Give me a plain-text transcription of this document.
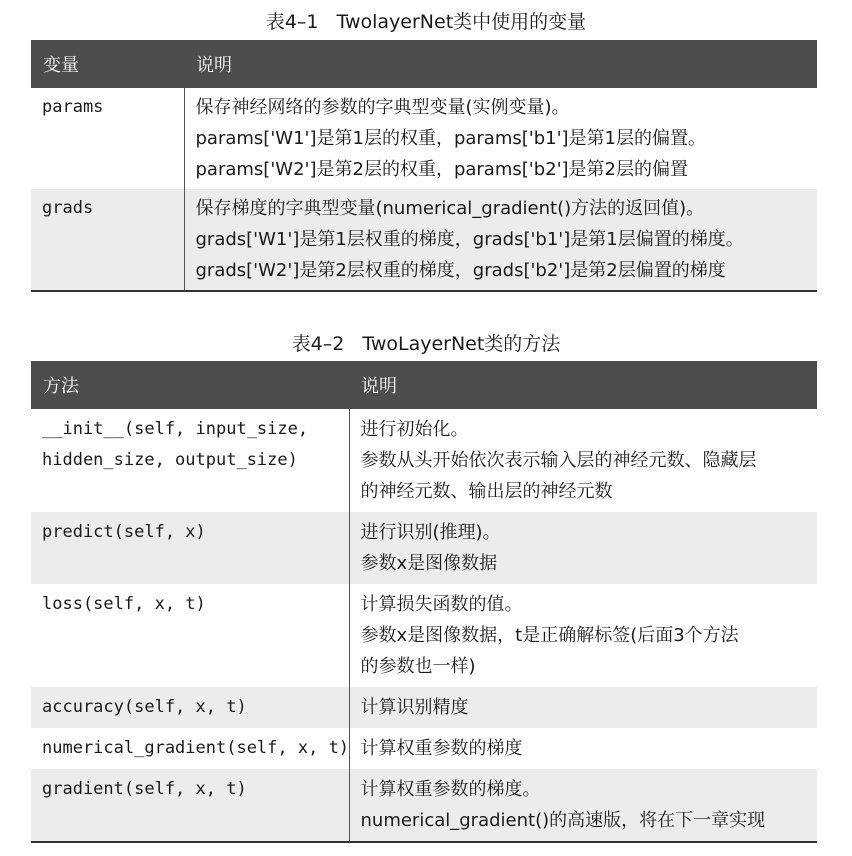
表4–1 TwolayerNet类中使用的变量
变量	说明

params	保存神经网络的参数的字典型变量(实例变量)。
params['W1']是第1层的权重，params['b1']是第1层的偏置。
params['W2']是第2层的权重，params['b2']是第2层的偏置

grads	保存梯度的字典型变量(numerical_gradient()方法的返回值)。
grads['W1']是第1层权重的梯度，grads['b1']是第1层偏置的梯度。
grads['W2']是第2层权重的梯度，grads['b2']是第2层偏置的梯度
表4–2 TwoLayerNet类的方法
方法	说明

__init__(self, input_size,
hidden_size, output_size)	进行初始化。
参数从头开始依次表示输入层的神经元数、隐藏层
的神经元数、输出层的神经元数

predict(self, x)	进行识别(推理)。
参数x是图像数据

loss(self, x, t)	计算损失函数的值。
参数x是图像数据，t是正确解标签(后面3个方法
的参数也一样)

accuracy(self, x, t)	计算识别精度

numerical_gradient(self, x, t)	计算权重参数的梯度

gradient(self, x, t)	计算权重参数的梯度。
numerical_gradient()的高速版，将在下一章实现
